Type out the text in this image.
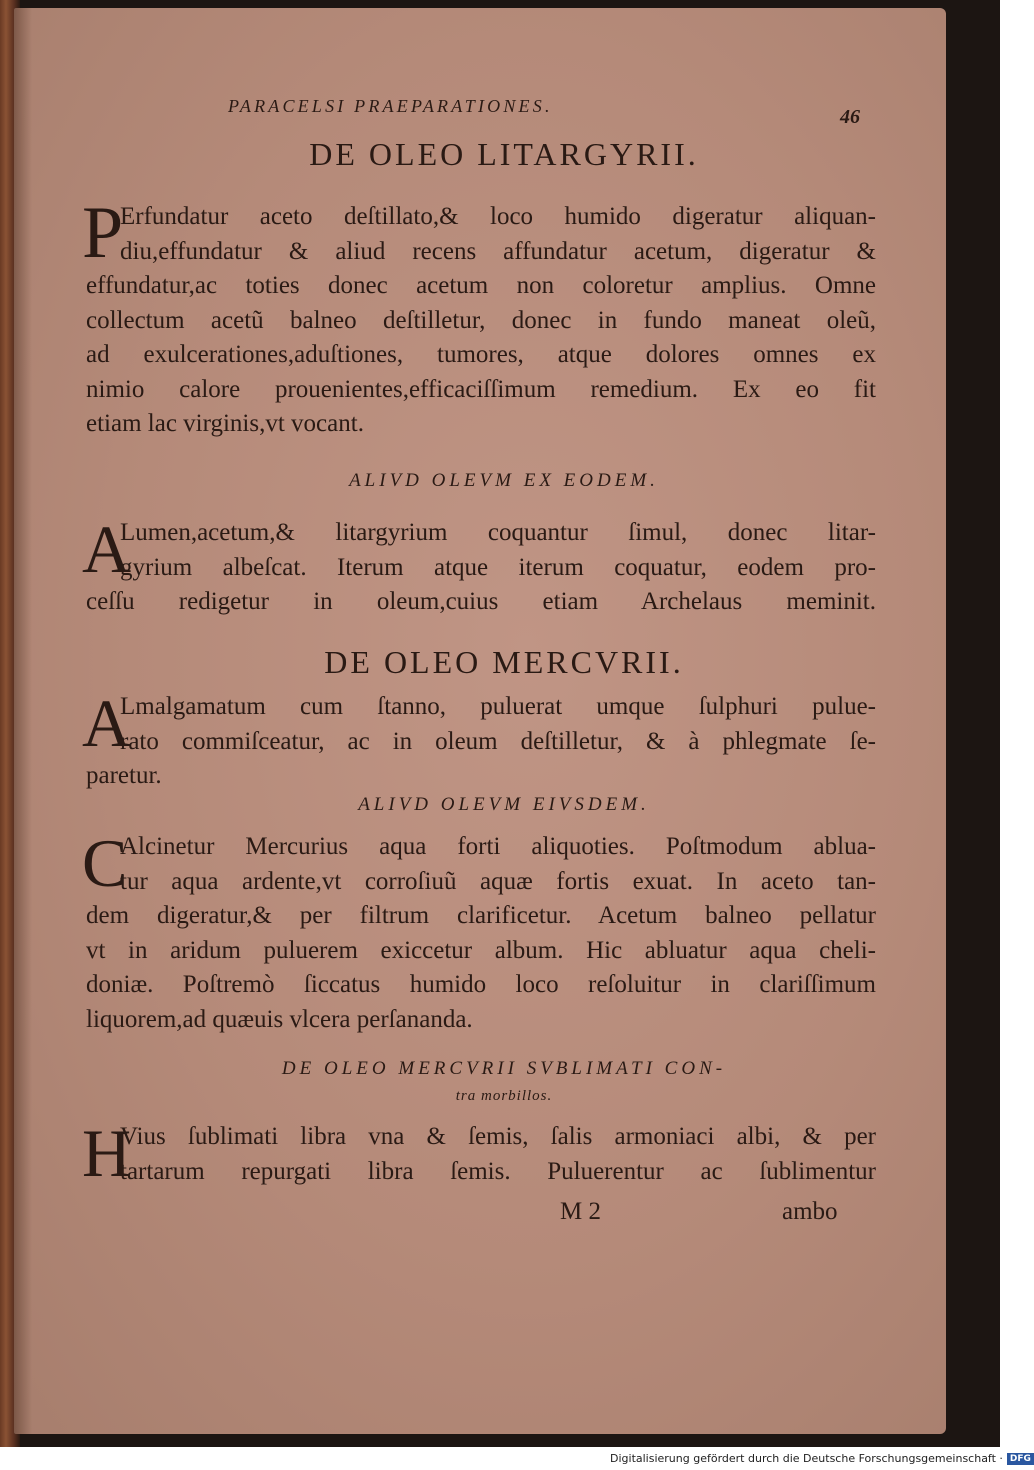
PARACELSI PRAEPARATIONES.	46
DE OLEO LITARGYRII.
P
Erfundatur aceto deſtillato,& loco humido digeratur aliquan-
diu,effundatur & aliud recens affundatur acetum, digeratur &
effundatur,ac toties donec acetum non coloretur amplius. Omne
collectum acetũ balneo deſtilletur, donec in fundo maneat oleũ,
ad exulcerationes,aduſtiones, tumores, atque dolores omnes ex
nimio calore prouenientes,efficaciſſimum remedium. Ex eo fit
etiam lac virginis,vt vocant.
ALIVD OLEVM EX EODEM.
A
Lumen,acetum,& litargyrium coquantur ſimul, donec litar-
gyrium albeſcat. Iterum atque iterum coquatur, eodem pro-
ceſſu redigetur in oleum,cuius etiam Archelaus meminit.
DE OLEO MERCVRII.
A
Lmalgamatum cum ſtanno, puluerat umque ſulphuri pulue-
rato commiſceatur, ac in oleum deſtilletur, & à phlegmate ſe-
paretur.
ALIVD OLEVM EIVSDEM.
C
Alcinetur Mercurius aqua forti aliquoties. Poſtmodum ablua-
tur aqua ardente,vt corroſiuũ aquæ fortis exuat. In aceto tan-
dem digeratur,& per filtrum clarificetur. Acetum balneo pellatur
vt in aridum puluerem exiccetur album. Hic abluatur aqua cheli-
doniæ. Poſtremò ſiccatus humido loco reſoluitur in clariſſimum
liquorem,ad quæuis vlcera perſananda.
DE OLEO MERCVRII SVBLIMATI CON-
tra morbillos.
H
Vius ſublimati libra vna & ſemis, ſalis armoniaci albi, & per
tartarum repurgati libra ſemis. Puluerentur ac ſublimentur
M 2	ambo
Digitalisierung gefördert durch die Deutsche Forschungsgemeinschaft · DFG
